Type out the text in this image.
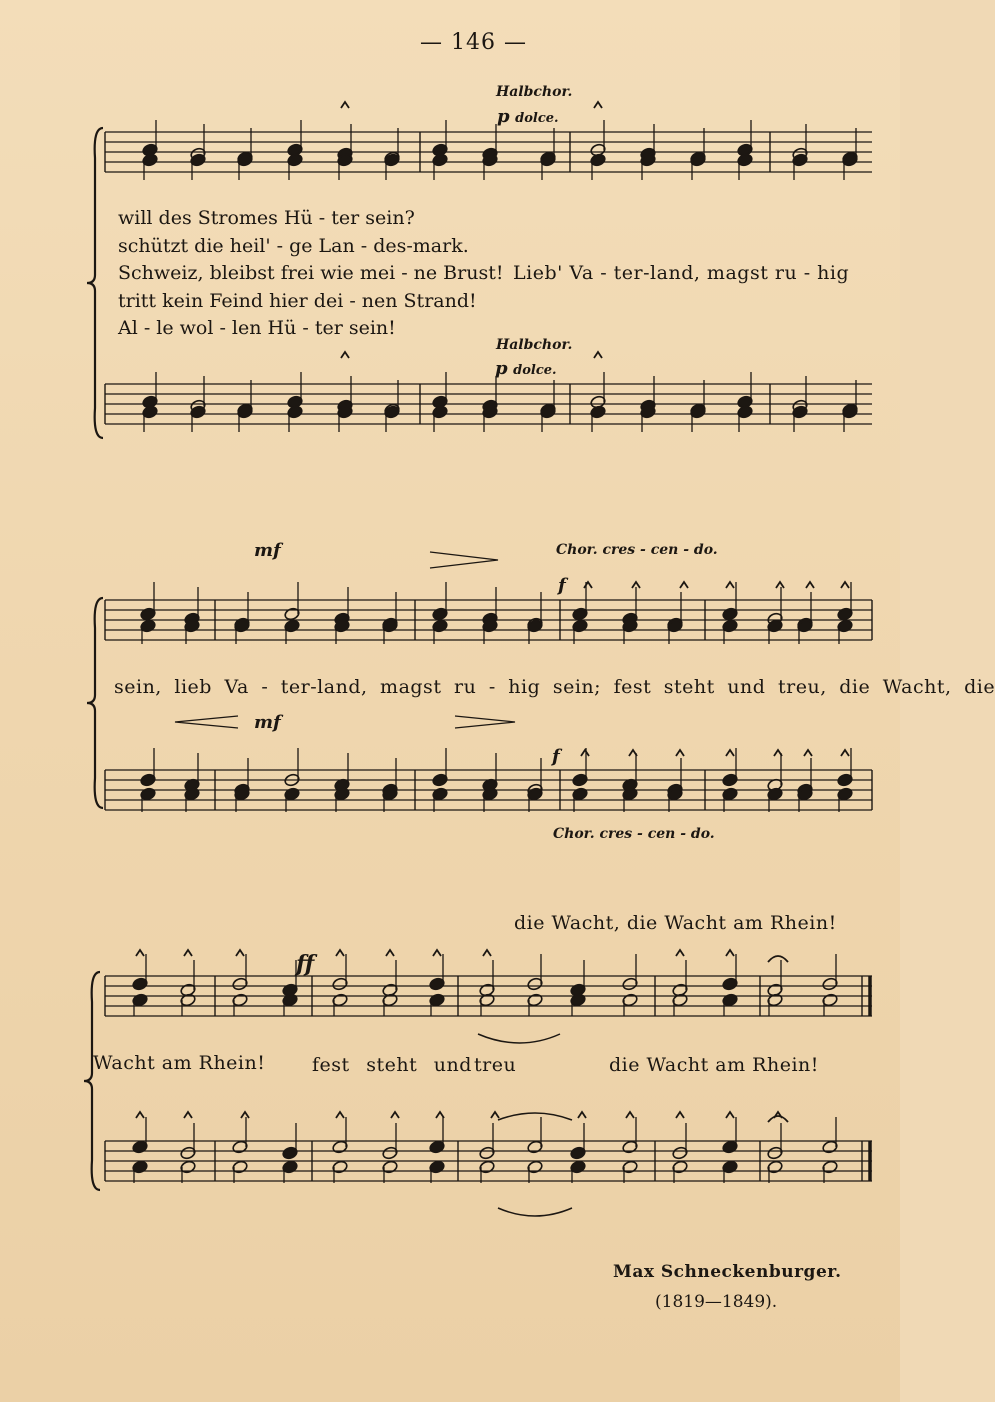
— 146 —
Halbchor.
p dolce.
will des Stromes Hü - ter sein?
schützt die heil' - ge Lan - des-mark.
Schweiz, bleibst frei wie mei - ne Brust!
tritt kein Feind hier dei - nen Strand!
Al - le wol - len Hü - ter sein!
Lieb' Va - ter-land, magst ru - hig
Halbchor.
p dolce.
Chor. cres - cen - do.
mf
f
sein, lieb Va - ter-land, magst ru - hig sein; fest steht und treu, die Wacht, die
mf
f
Chor. cres - cen - do.
die Wacht, die Wacht am Rhein!
ff
Wacht am Rhein! fest steht und treu	die Wacht am Rhein!
Max Schneckenburger.
(1819—1849).
